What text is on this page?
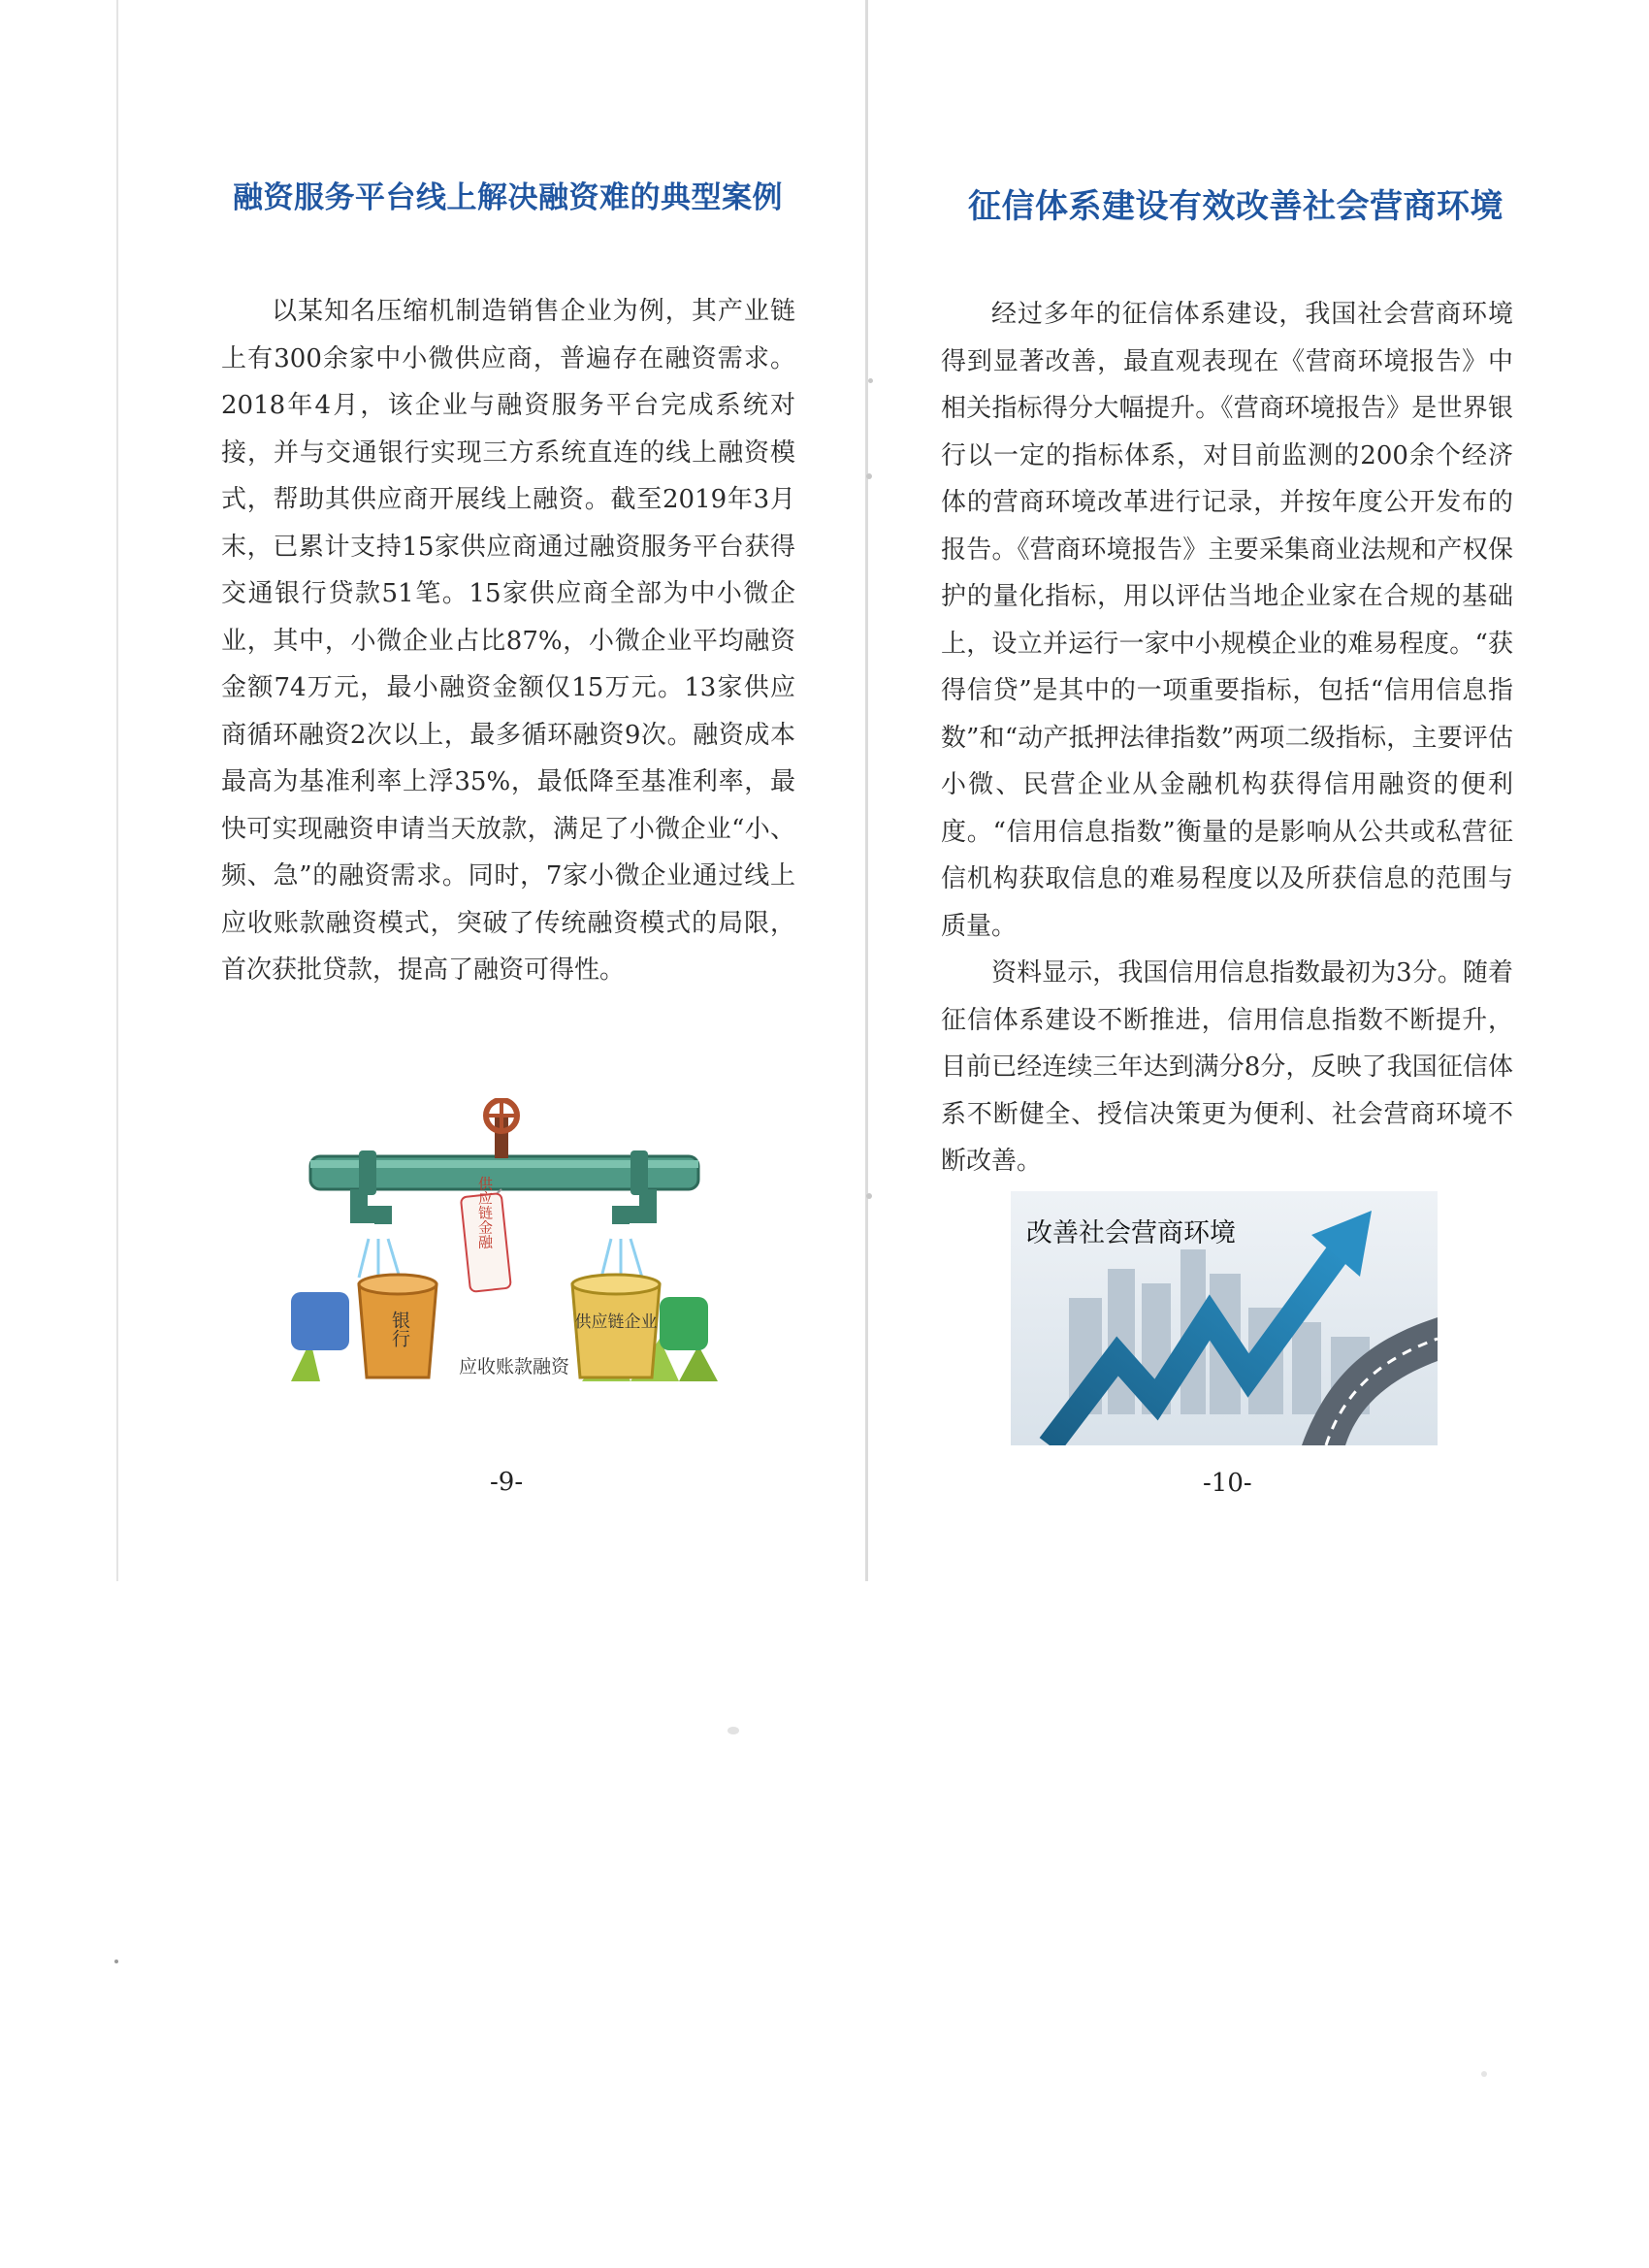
融资服务平台线上解决融资难的典型案例

以某知名压缩机制造销售企业为例，其产业链上有300余家中小微供应商，普遍存在融资需求。2018年4月，该企业与融资服务平台完成系统对接，并与交通银行实现三方系统直连的线上融资模式，帮助其供应商开展线上融资。截至2019年3月末，已累计支持15家供应商通过融资服务平台获得交通银行贷款51笔。15家供应商全部为中小微企业，其中，小微企业占比87%，小微企业平均融资金额74万元，最小融资金额仅15万元。13家供应商循环融资2次以上，最多循环融资9次。融资成本最高为基准利率上浮35%，最低降至基准利率，最快可实现融资申请当天放款，满足了小微企业“小、频、急”的融资需求。同时，7家小微企业通过线上应收账款融资模式，突破了传统融资模式的局限，首次获批贷款，提高了融资可得性。

供应链金融
银行	供应链企业
应收账款融资
-9-
征信体系建设有效改善社会营商环境

经过多年的征信体系建设，我国社会营商环境得到显著改善，最直观表现在《营商环境报告》中相关指标得分大幅提升。《营商环境报告》是世界银行以一定的指标体系，对目前监测的200余个经济体的营商环境改革进行记录，并按年度公开发布的报告。《营商环境报告》主要采集商业法规和产权保护的量化指标，用以评估当地企业家在合规的基础上，设立并运行一家中小规模企业的难易程度。“获得信贷”是其中的一项重要指标，包括“信用信息指数”和“动产抵押法律指数”两项二级指标，主要评估小微、民营企业从金融机构获得信用融资的便利度。“信用信息指数”衡量的是影响从公共或私营征信机构获取信息的难易程度以及所获信息的范围与质量。

资料显示，我国信用信息指数最初为3分。随着征信体系建设不断推进，信用信息指数不断提升，目前已经连续三年达到满分8分，反映了我国征信体系不断健全、授信决策更为便利、社会营商环境不断改善。

改善社会营商环境
-10-
